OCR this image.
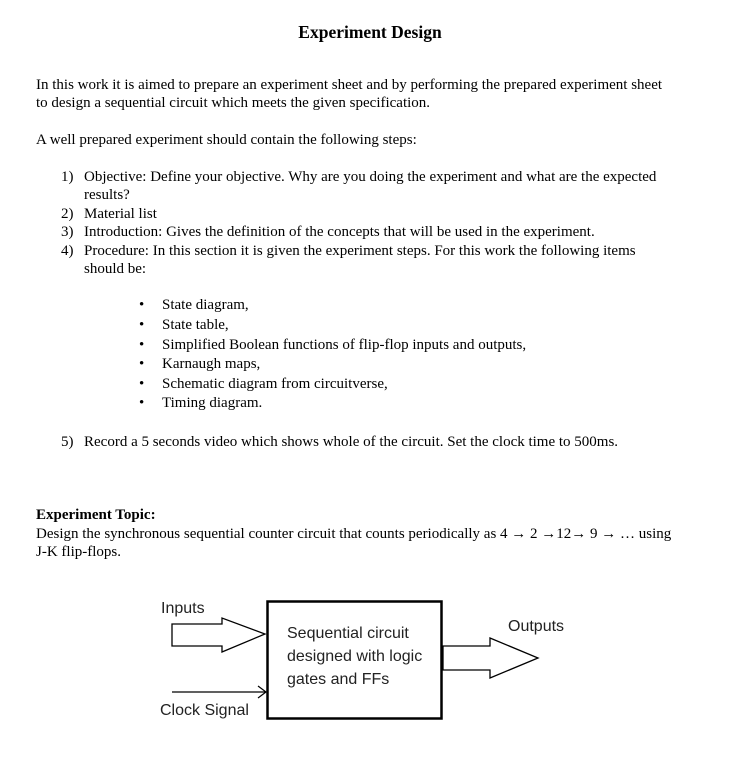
Experiment Design

In this work it is aimed to prepare an experiment sheet and by performing the prepared experiment sheet

to design a sequential circuit which meets the given specification.

A well prepared experiment should contain the following steps:

1) Objective: Define your objective. Why are you doing the experiment and what are the expected
results?
2) Material list
3) Introduction: Gives the definition of the concepts that will be used in the experiment.
4) Procedure: In this section it is given the experiment steps. For this work the following items
should be:
• State diagram,
• State table,
• Simplified Boolean functions of flip-flop inputs and outputs,
• Karnaugh maps,
• Schematic diagram from circuitverse,
• Timing diagram.
5) Record a 5 seconds video which shows whole of the circuit. Set the clock time to 500ms.
Experiment Topic:
Design the synchronous sequential counter circuit that counts periodically as 4 → 2 →12→ 9 → … using
J-K flip-flops.
Inputs
Outputs
Clock Signal
Sequential circuit
designed with logic
gates and FFs
